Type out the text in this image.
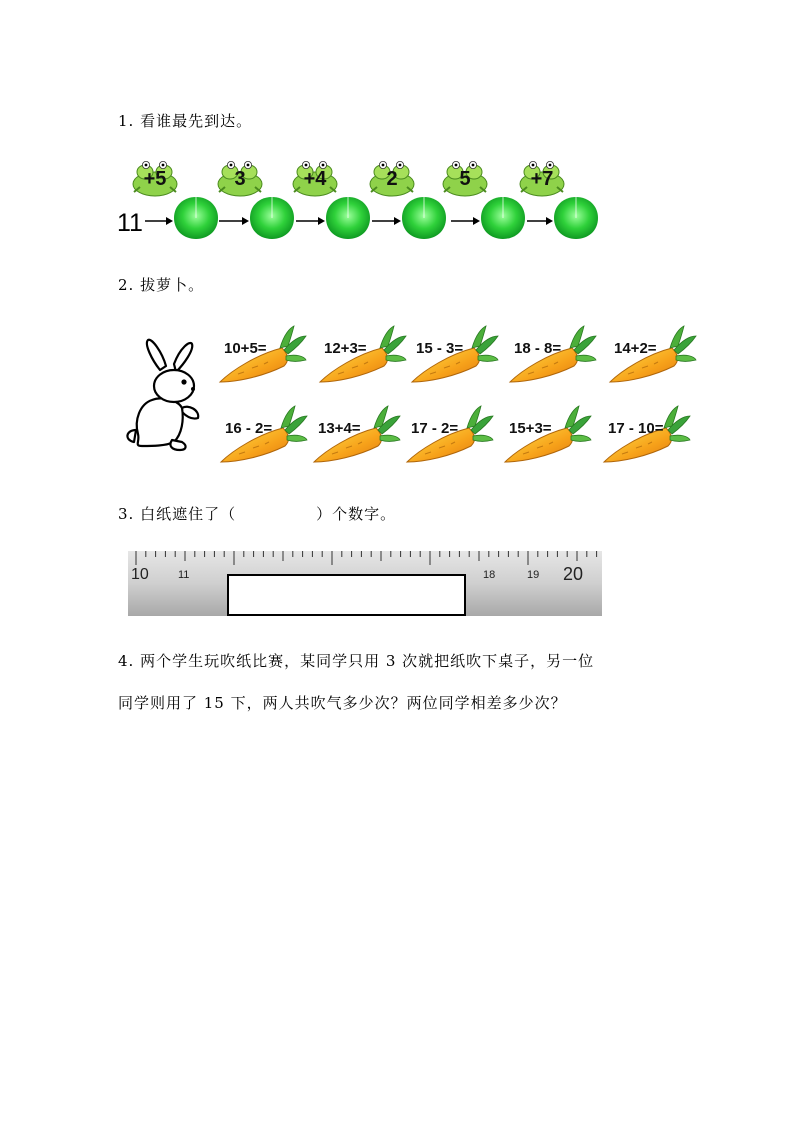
1. 看谁最先到达。
11
+5	3	+4	2	5	+7
2. 拔萝卜。
10+5=	12+3=	15 - 3=	18 - 8=	14+2=
16 - 2=	13+4=	17 - 2=	15+3=	17 - 10=
3. 白纸遮住了（　　　　　）个数字。
10	11	18	19 20
4. 两个学生玩吹纸比赛，某同学只用 3 次就把纸吹下桌子，另一位
同学则用了 15 下，两人共吹气多少次？两位同学相差多少次？
